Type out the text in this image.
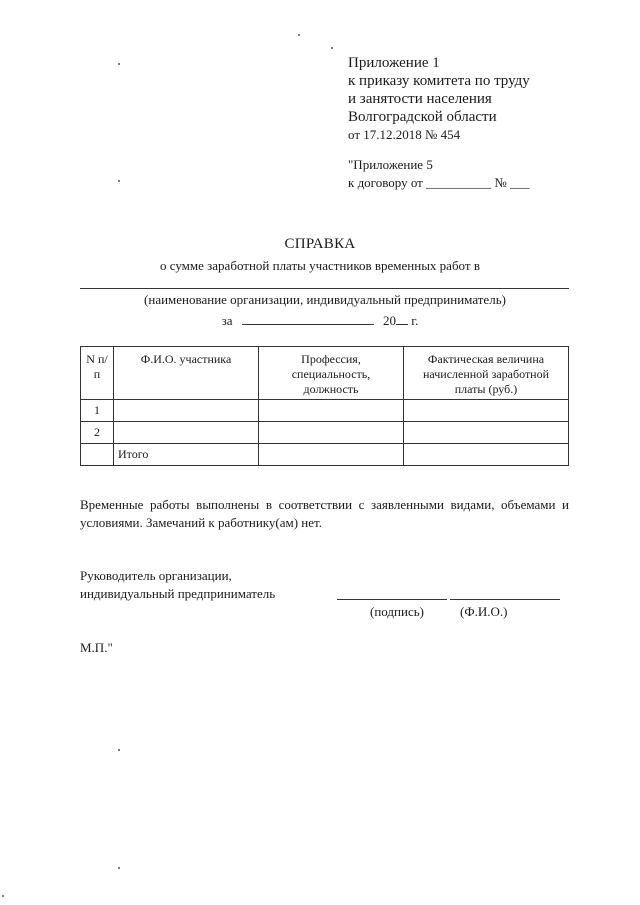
Приложение 1
к приказу комитета по труду
и занятости населения
Волгоградской области
от 17.12.2018 № 454
"Приложение 5
к договору от __________ № ___
СПРАВКА
о сумме заработной платы участников временных работ в
(наименование организации, индивидуальный предприниматель)
за	20 г.
N п/п	Ф.И.О. участника	Профессия, специальность, должность	Фактическая величина начисленной заработной платы (руб.)
1			
2			
	Итого		
Временные работы выполнены в соответствии с заявленными видами, объемами и условиями. Замечаний к работнику(ам) нет.
Руководитель организации,
индивидуальный предприниматель
(подпись)	(Ф.И.О.)
М.П."
